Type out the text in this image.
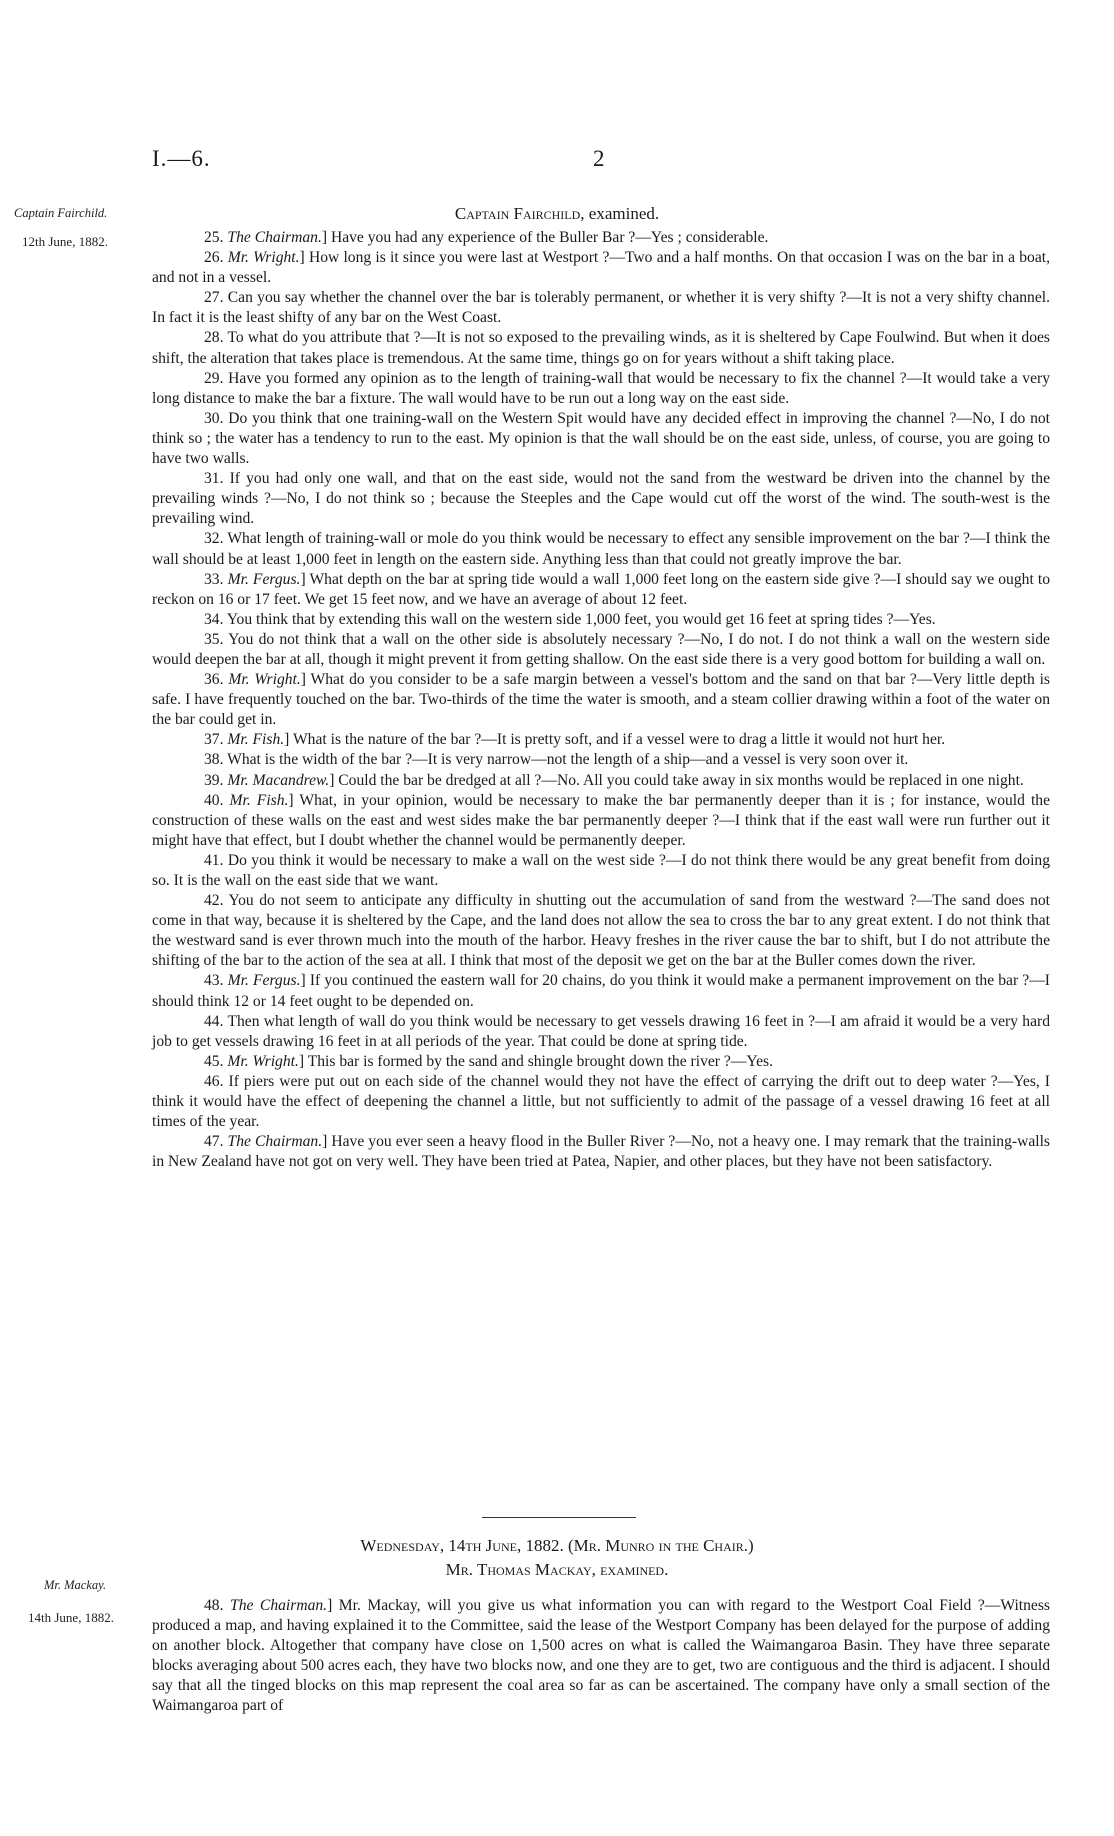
I.—6.	2
Captain Fairchild.
12th June, 1882.
Captain Fairchild, examined.

25. The Chairman.] Have you had any experience of the Buller Bar ?—Yes ; considerable.

26. Mr. Wright.] How long is it since you were last at Westport ?—Two and a half months. On that occasion I was on the bar in a boat, and not in a vessel.

27. Can you say whether the channel over the bar is tolerably permanent, or whether it is very shifty ?—It is not a very shifty channel. In fact it is the least shifty of any bar on the West Coast.

28. To what do you attribute that ?—It is not so exposed to the prevailing winds, as it is sheltered by Cape Foulwind. But when it does shift, the alteration that takes place is tremendous. At the same time, things go on for years without a shift taking place.

29. Have you formed any opinion as to the length of training-wall that would be necessary to fix the channel ?—It would take a very long distance to make the bar a fixture. The wall would have to be run out a long way on the east side.

30. Do you think that one training-wall on the Western Spit would have any decided effect in improving the channel ?—No, I do not think so ; the water has a tendency to run to the east. My opinion is that the wall should be on the east side, unless, of course, you are going to have two walls.

31. If you had only one wall, and that on the east side, would not the sand from the westward be driven into the channel by the prevailing winds ?—No, I do not think so ; because the Steeples and the Cape would cut off the worst of the wind. The south-west is the prevailing wind.

32. What length of training-wall or mole do you think would be necessary to effect any sensible improvement on the bar ?—I think the wall should be at least 1,000 feet in length on the eastern side. Anything less than that could not greatly improve the bar.

33. Mr. Fergus.] What depth on the bar at spring tide would a wall 1,000 feet long on the eastern side give ?—I should say we ought to reckon on 16 or 17 feet. We get 15 feet now, and we have an average of about 12 feet.

34. You think that by extending this wall on the western side 1,000 feet, you would get 16 feet at spring tides ?—Yes.

35. You do not think that a wall on the other side is absolutely necessary ?—No, I do not. I do not think a wall on the western side would deepen the bar at all, though it might prevent it from getting shallow. On the east side there is a very good bottom for building a wall on.

36. Mr. Wright.] What do you consider to be a safe margin between a vessel's bottom and the sand on that bar ?—Very little depth is safe. I have frequently touched on the bar. Two-thirds of the time the water is smooth, and a steam collier drawing within a foot of the water on the bar could get in.

37. Mr. Fish.] What is the nature of the bar ?—It is pretty soft, and if a vessel were to drag a little it would not hurt her.

38. What is the width of the bar ?—It is very narrow—not the length of a ship—and a vessel is very soon over it.

39. Mr. Macandrew.] Could the bar be dredged at all ?—No. All you could take away in six months would be replaced in one night.

40. Mr. Fish.] What, in your opinion, would be necessary to make the bar permanently deeper than it is ; for instance, would the construction of these walls on the east and west sides make the bar permanently deeper ?—I think that if the east wall were run further out it might have that effect, but I doubt whether the channel would be permanently deeper.

41. Do you think it would be necessary to make a wall on the west side ?—I do not think there would be any great benefit from doing so. It is the wall on the east side that we want.

42. You do not seem to anticipate any difficulty in shutting out the accumulation of sand from the westward ?—The sand does not come in that way, because it is sheltered by the Cape, and the land does not allow the sea to cross the bar to any great extent. I do not think that the westward sand is ever thrown much into the mouth of the harbor. Heavy freshes in the river cause the bar to shift, but I do not attribute the shifting of the bar to the action of the sea at all. I think that most of the deposit we get on the bar at the Buller comes down the river.

43. Mr. Fergus.] If you continued the eastern wall for 20 chains, do you think it would make a permanent improvement on the bar ?—I should think 12 or 14 feet ought to be depended on.

44. Then what length of wall do you think would be necessary to get vessels drawing 16 feet in ?—I am afraid it would be a very hard job to get vessels drawing 16 feet in at all periods of the year. That could be done at spring tide.

45. Mr. Wright.] This bar is formed by the sand and shingle brought down the river ?—Yes.

46. If piers were put out on each side of the channel would they not have the effect of carrying the drift out to deep water ?—Yes, I think it would have the effect of deepening the channel a little, but not sufficiently to admit of the passage of a vessel drawing 16 feet at all times of the year.

47. The Chairman.] Have you ever seen a heavy flood in the Buller River ?—No, not a heavy one. I may remark that the training-walls in New Zealand have not got on very well. They have been tried at Patea, Napier, and other places, but they have not been satisfactory.

Wednesday, 14th June, 1882. (Mr. Munro in the Chair.)
Mr. Thomas Mackay, examined.
Mr. Mackay.
14th June, 1882.

48. The Chairman.] Mr. Mackay, will you give us what information you can with regard to the Westport Coal Field ?—Witness produced a map, and having explained it to the Committee, said the lease of the Westport Company has been delayed for the purpose of adding on another block. Altogether that company have close on 1,500 acres on what is called the Waimangaroa Basin. They have three separate blocks averaging about 500 acres each, they have two blocks now, and one they are to get, two are contiguous and the third is adjacent. I should say that all the tinged blocks on this map represent the coal area so far as can be ascertained. The company have only a small section of the Waimangaroa part of
